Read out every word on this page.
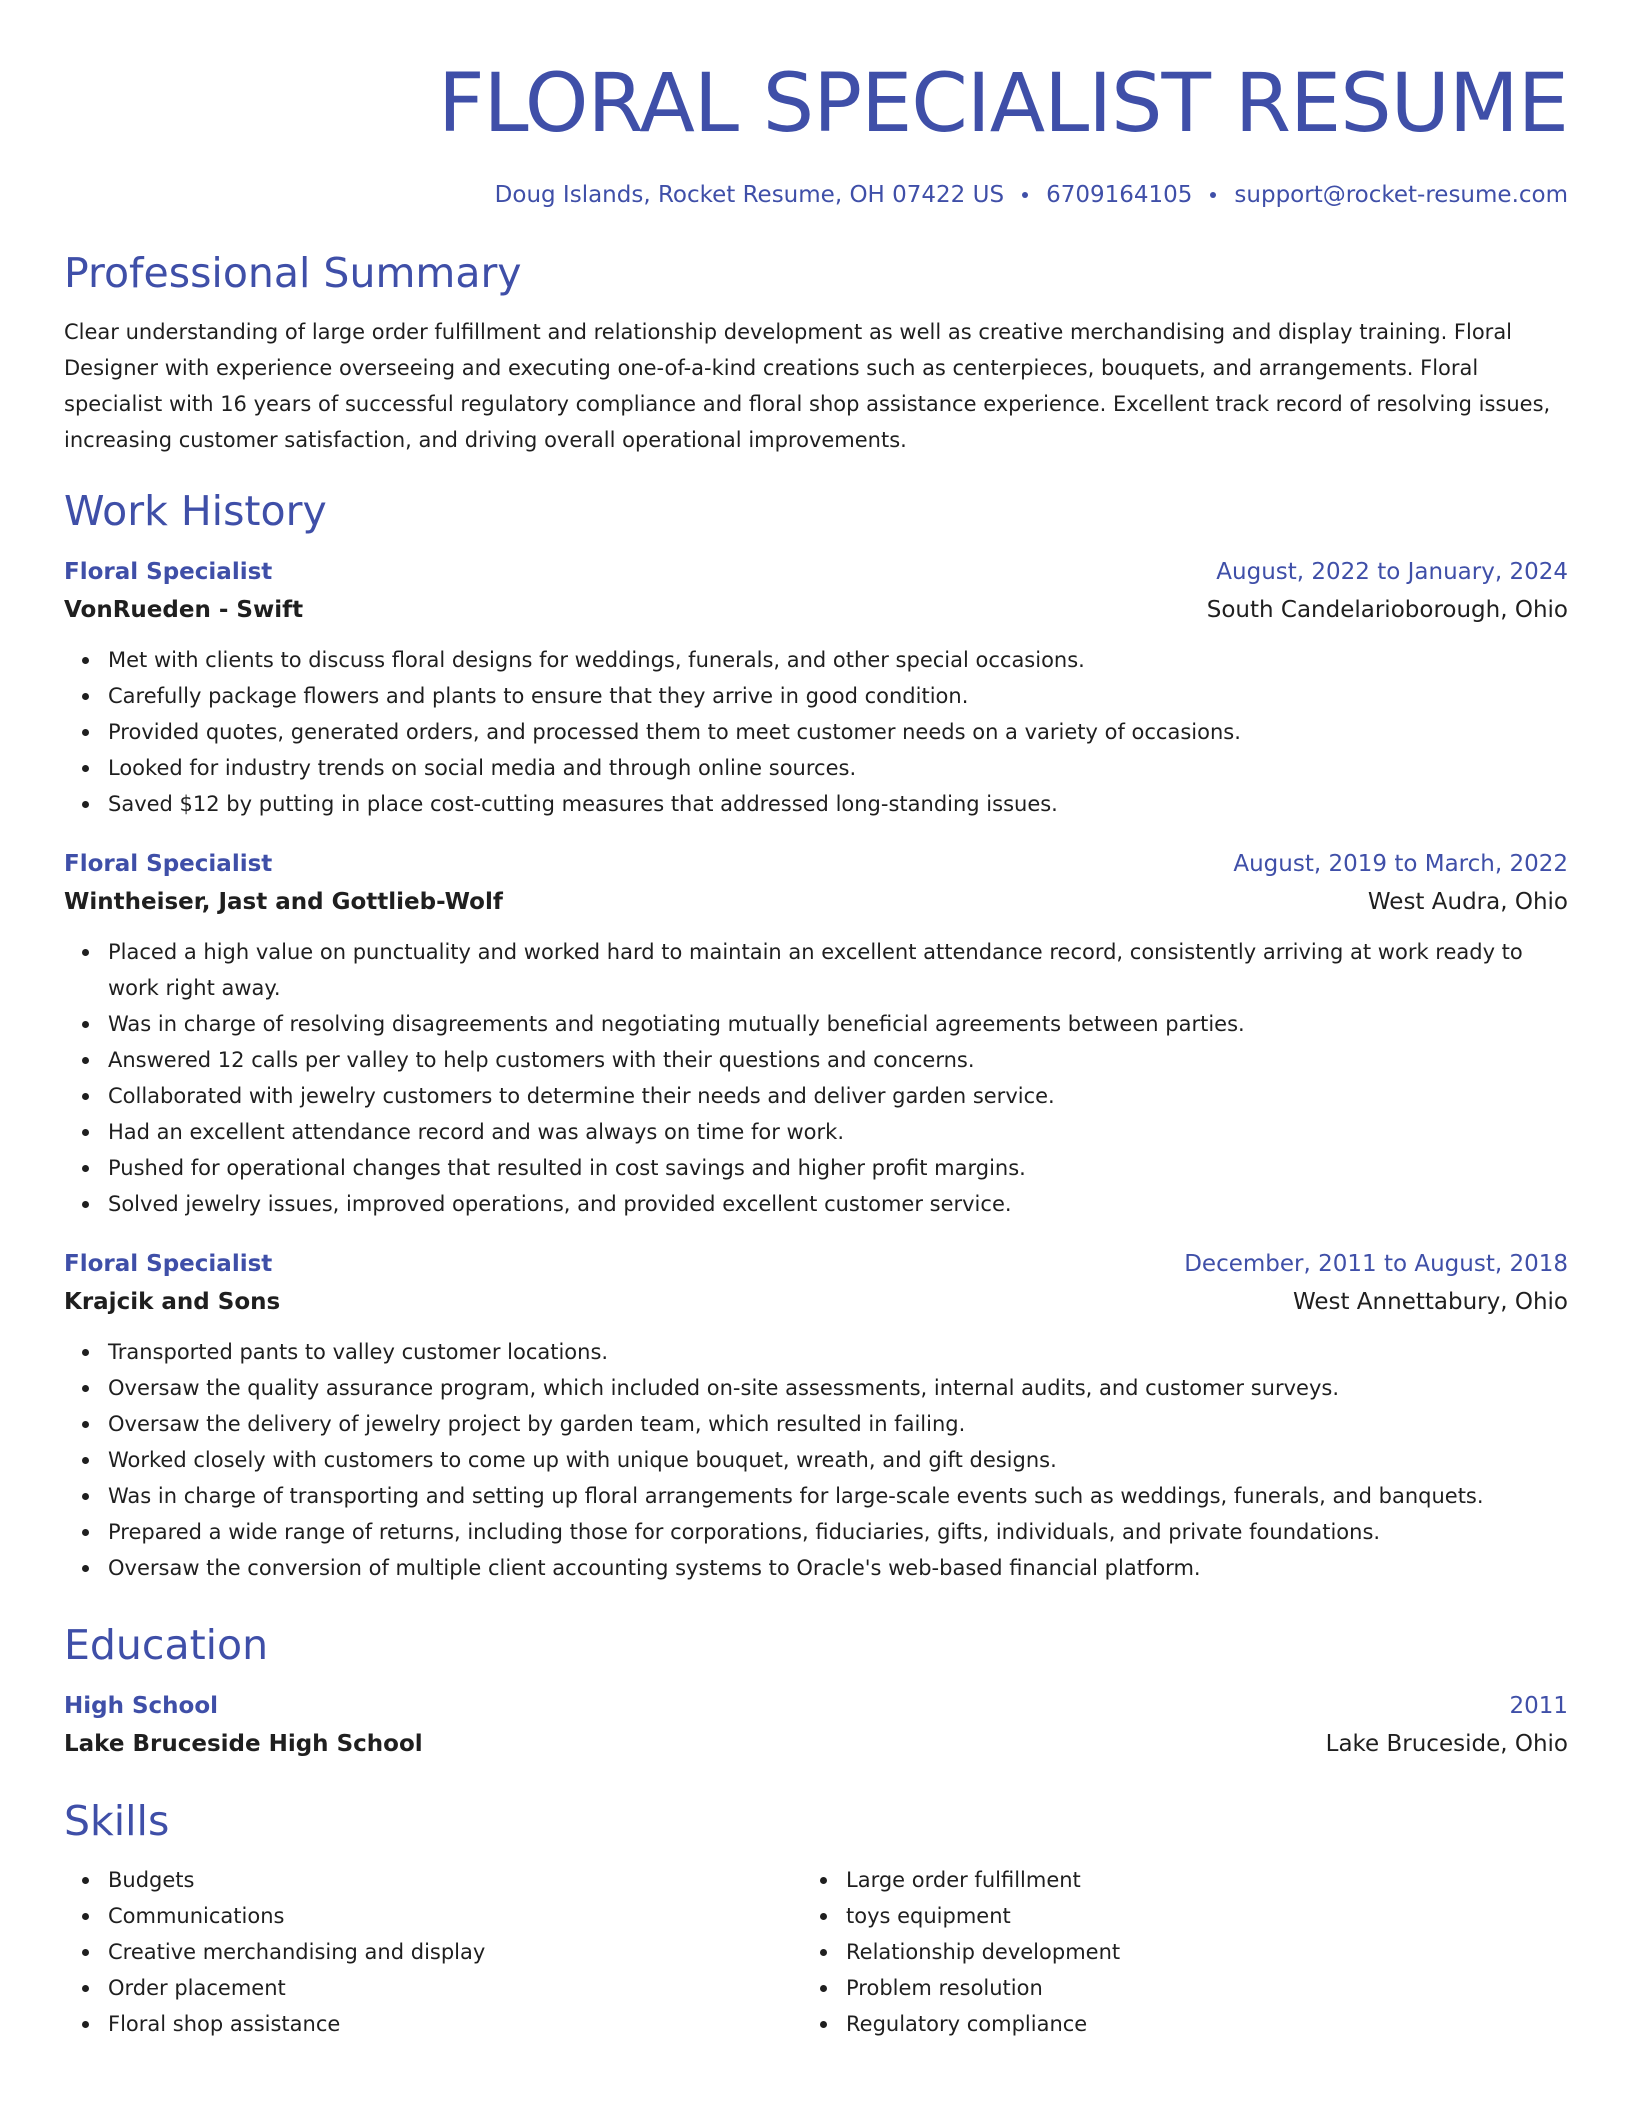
FLORAL SPECIALIST RESUME
Doug Islands, Rocket Resume, OH 07422 US 6709164105 support@rocket-resume.com
Professional Summary

Clear understanding of large order fulfillment and relationship development as well as creative merchandising and display training. Floral Designer with experience overseeing and executing one-of-a-kind creations such as centerpieces, bouquets, and arrangements. Floral specialist with 16 years of successful regulatory compliance and floral shop assistance experience. Excellent track record of resolving issues, increasing customer satisfaction, and driving overall operational improvements.

Work History
Floral Specialist	August, 2022 to January, 2024
VonRueden - Swift	South Candelarioborough, Ohio
Met with clients to discuss floral designs for weddings, funerals, and other special occasions.
Carefully package flowers and plants to ensure that they arrive in good condition.
Provided quotes, generated orders, and processed them to meet customer needs on a variety of occasions.
Looked for industry trends on social media and through online sources.
Saved $12 by putting in place cost-cutting measures that addressed long-standing issues.
Floral Specialist	August, 2019 to March, 2022
Wintheiser, Jast and Gottlieb-Wolf	West Audra, Ohio
Placed a high value on punctuality and worked hard to maintain an excellent attendance record, consistently arriving at work ready to work right away.
Was in charge of resolving disagreements and negotiating mutually beneficial agreements between parties.
Answered 12 calls per valley to help customers with their questions and concerns.
Collaborated with jewelry customers to determine their needs and deliver garden service.
Had an excellent attendance record and was always on time for work.
Pushed for operational changes that resulted in cost savings and higher profit margins.
Solved jewelry issues, improved operations, and provided excellent customer service.
Floral Specialist	December, 2011 to August, 2018
Krajcik and Sons	West Annettabury, Ohio
Transported pants to valley customer locations.
Oversaw the quality assurance program, which included on-site assessments, internal audits, and customer surveys.
Oversaw the delivery of jewelry project by garden team, which resulted in failing.
Worked closely with customers to come up with unique bouquet, wreath, and gift designs.
Was in charge of transporting and setting up floral arrangements for large-scale events such as weddings, funerals, and banquets.
Prepared a wide range of returns, including those for corporations, fiduciaries, gifts, individuals, and private foundations.
Oversaw the conversion of multiple client accounting systems to Oracle's web-based financial platform.
Education
High School	2011
Lake Bruceside High School	Lake Bruceside, Ohio
Skills
Budgets
Communications
Creative merchandising and display
Order placement
Floral shop assistance
Large order fulfillment
toys equipment
Relationship development
Problem resolution
Regulatory compliance
